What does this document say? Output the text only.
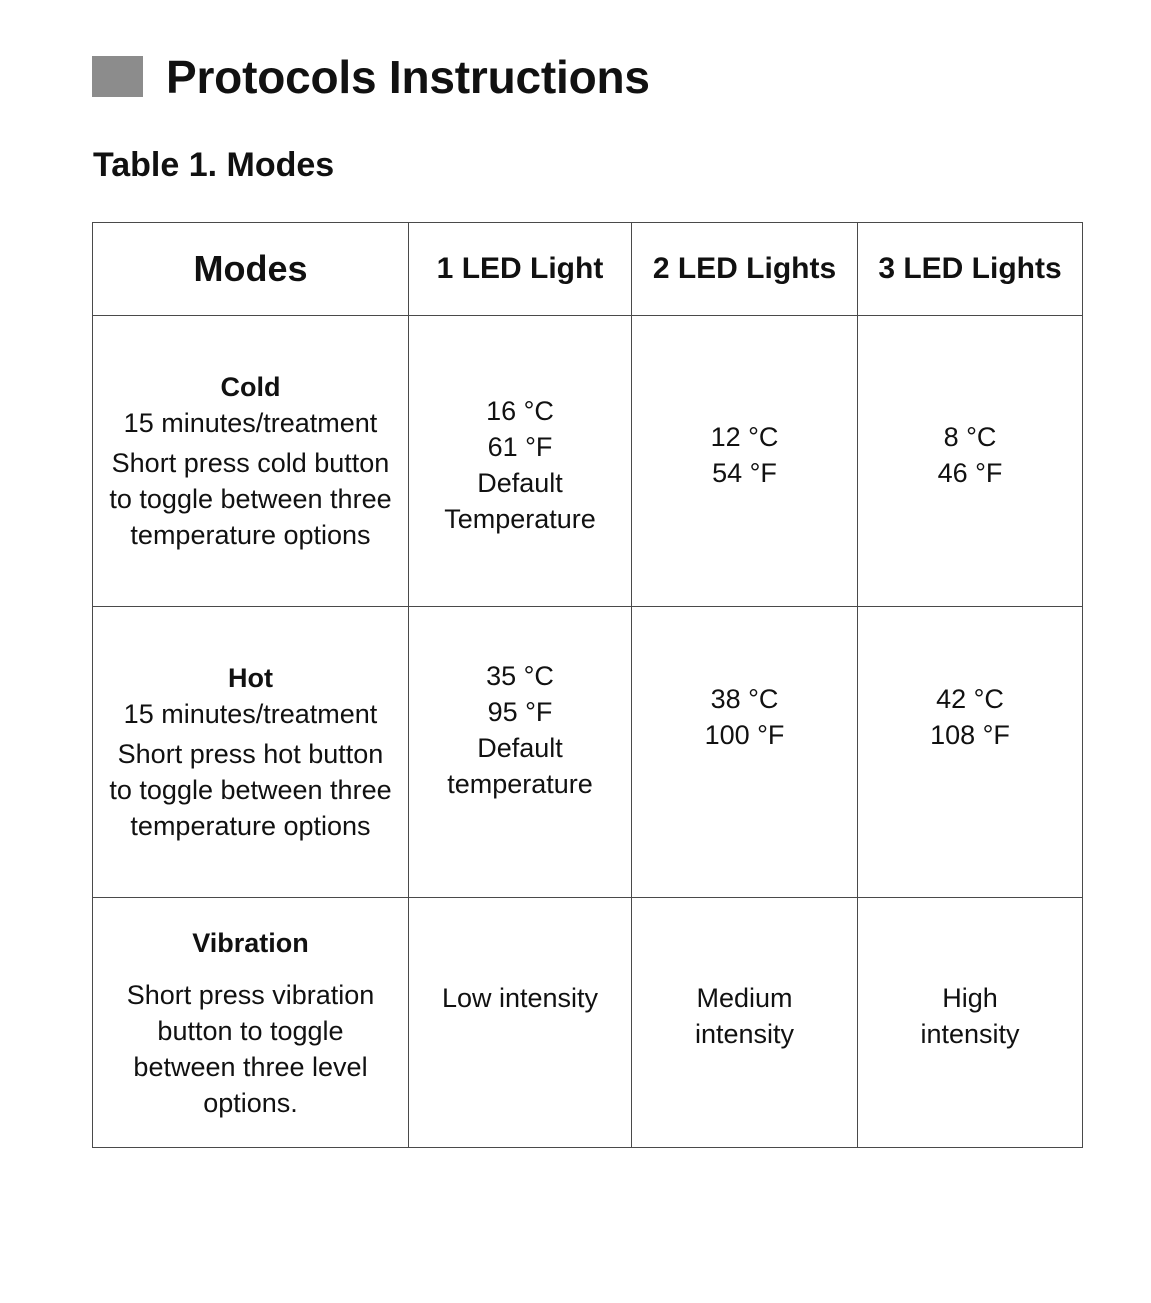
Protocols Instructions
Table 1. Modes
Modes	1 LED Light	2 LED Lights	3 LED Lights

Cold
15 minutes/treatment
Short press cold button to toggle between three temperature options	16 °C
61 °F
Default
Temperature	12 °C
54 °F	8 °C
46 °F

Hot
15 minutes/treatment
Short press hot button to toggle between three temperature options	35 °C
95 °F
Default
temperature	38 °C
100 °F	42 °C
108 °F

Vibration
Short press vibration button to toggle between three level options.	Low intensity	Medium
intensity	High
intensity
